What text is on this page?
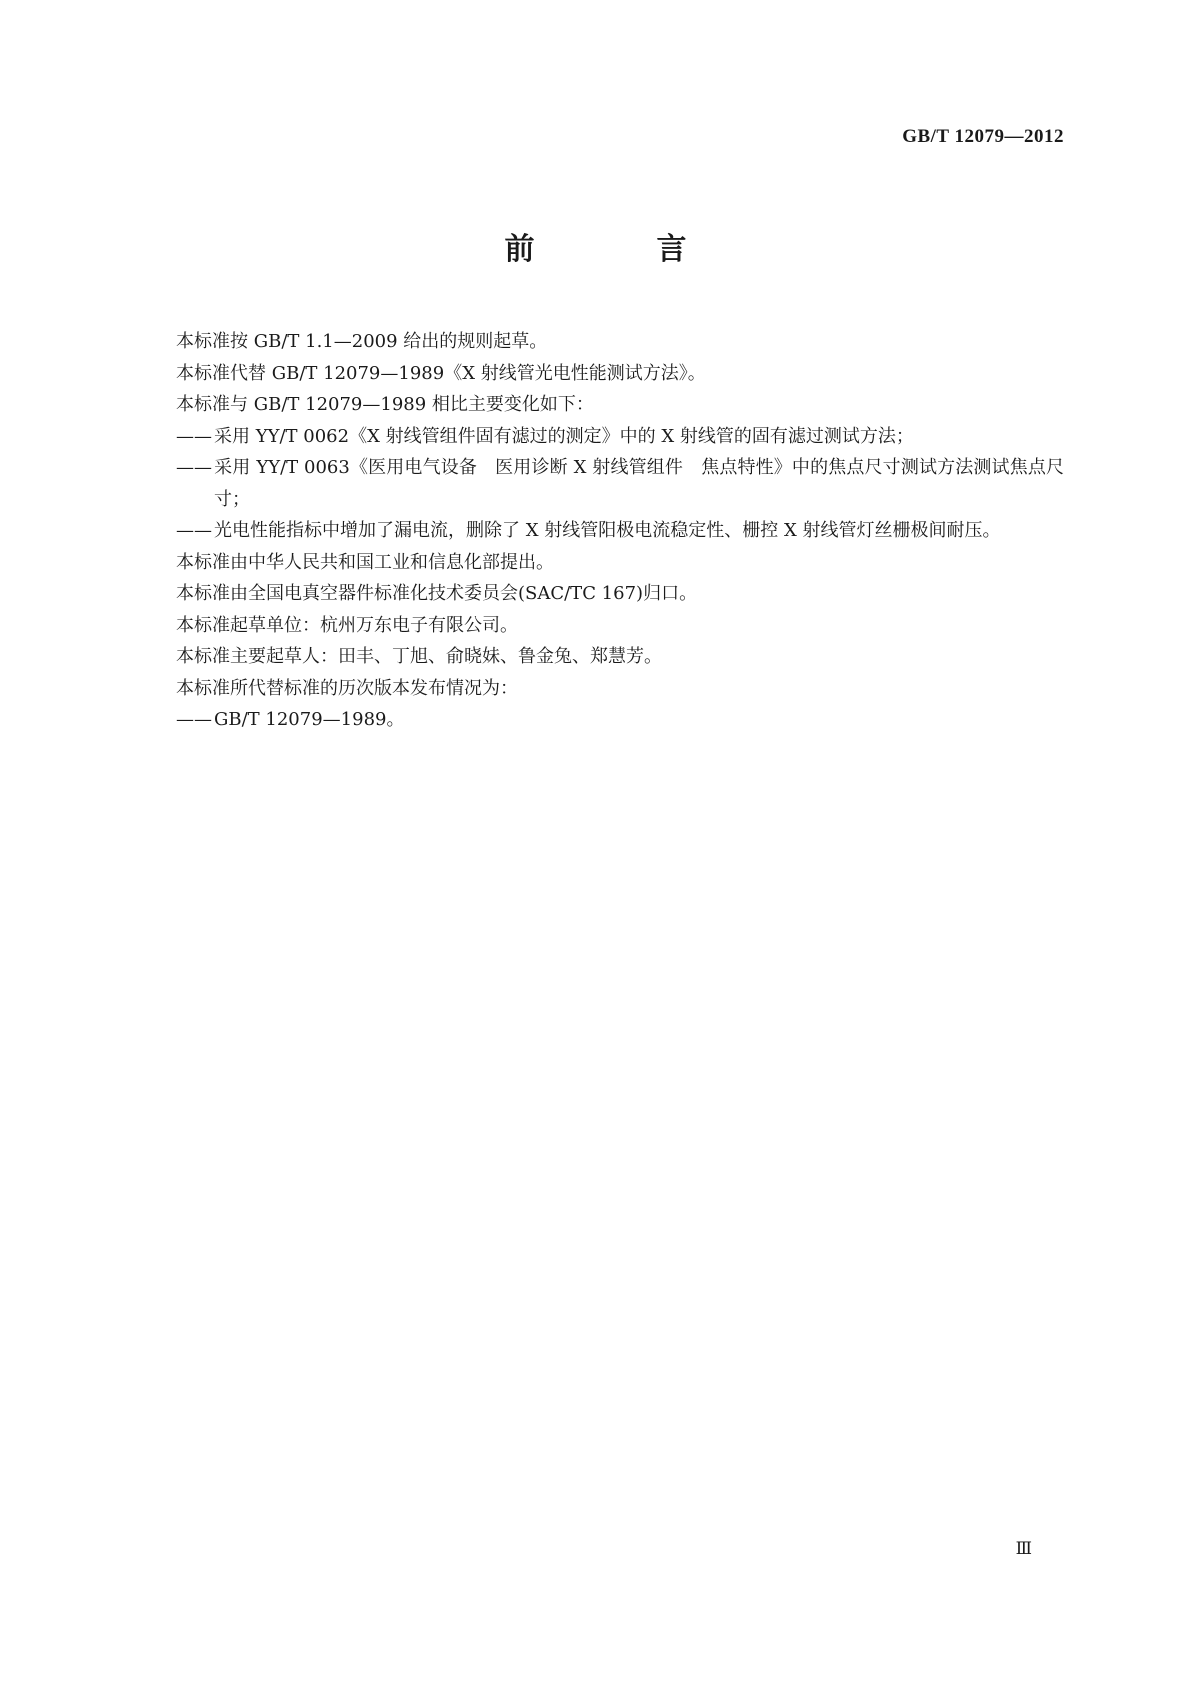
GB/T 12079—2012
前　言

本标准按 GB/T 1.1—2009 给出的规则起草。

本标准代替 GB/T 12079—1989《X 射线管光电性能测试方法》。

本标准与 GB/T 12079—1989 相比主要变化如下：

—— 采用 YY/T 0062《X 射线管组件固有滤过的测定》中的 X 射线管的固有滤过测试方法；

—— 采用 YY/T 0063《医用电气设备　医用诊断 X 射线管组件　焦点特性》中的焦点尺寸测试方法测试焦点尺寸；

—— 光电性能指标中增加了漏电流，删除了 X 射线管阳极电流稳定性、栅控 X 射线管灯丝栅极间耐压。

本标准由中华人民共和国工业和信息化部提出。

本标准由全国电真空器件标准化技术委员会(SAC/TC 167)归口。

本标准起草单位：杭州万东电子有限公司。

本标准主要起草人：田丰、丁旭、俞晓妹、鲁金兔、郑慧芳。

本标准所代替标准的历次版本发布情况为：

—— GB/T 12079—1989。

Ⅲ
